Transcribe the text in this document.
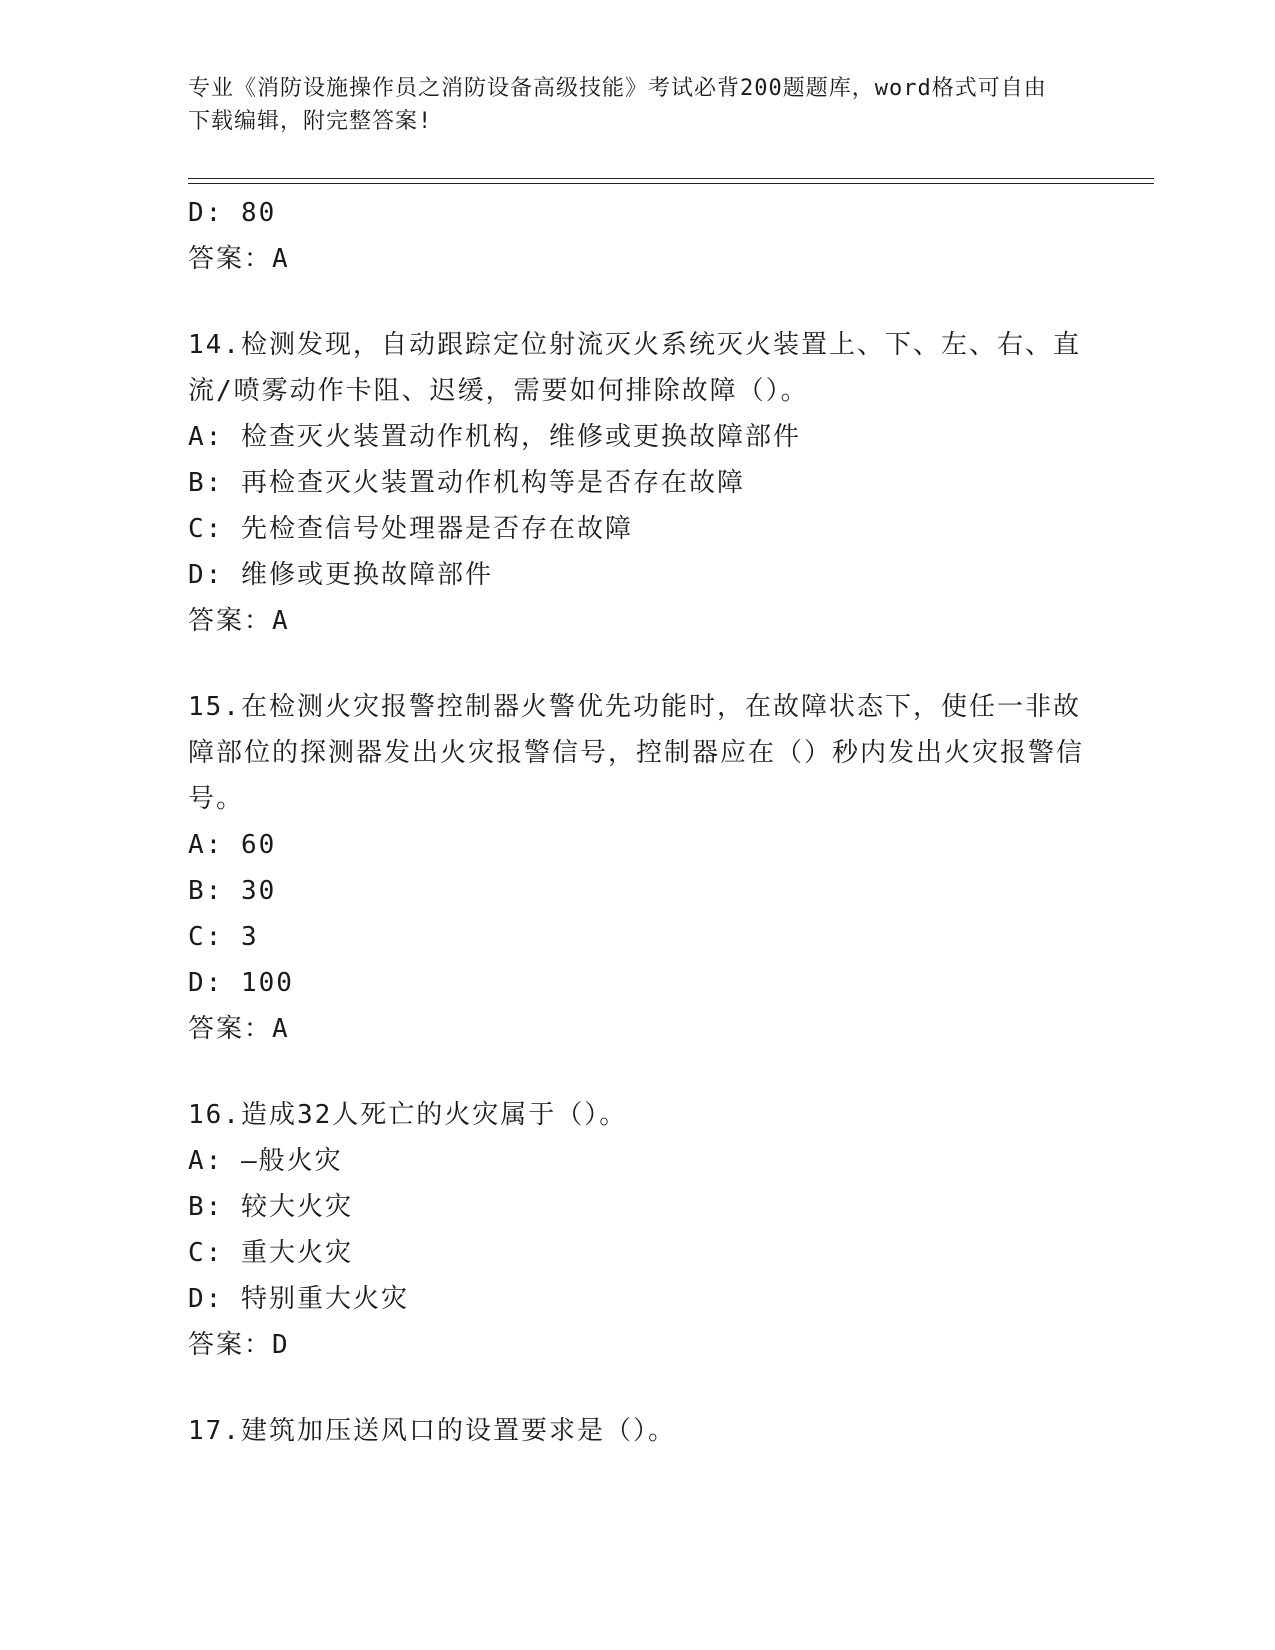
专业《消防设施操作员之消防设备高级技能》考试必背200题题库，word格式可自由下载编辑，附完整答案!
D: 80
答案：A
14.检测发现，自动跟踪定位射流灭火系统灭火装置上、下、左、右、直流/喷雾动作卡阻、迟缓，需要如何排除故障（）。
A: 检查灭火装置动作机构，维修或更换故障部件
B: 再检查灭火装置动作机构等是否存在故障
C: 先检查信号处理器是否存在故障
D: 维修或更换故障部件
答案：A
15.在检测火灾报警控制器火警优先功能时，在故障状态下，使任一非故障部位的探测器发出火灾报警信号，控制器应在（）秒内发出火灾报警信号。
A: 60
B: 30
C: 3
D: 100
答案：A
16.造成32人死亡的火灾属于（）。
A: —般火灾
B: 较大火灾
C: 重大火灾
D: 特别重大火灾
答案：D
17.建筑加压送风口的设置要求是（）。
